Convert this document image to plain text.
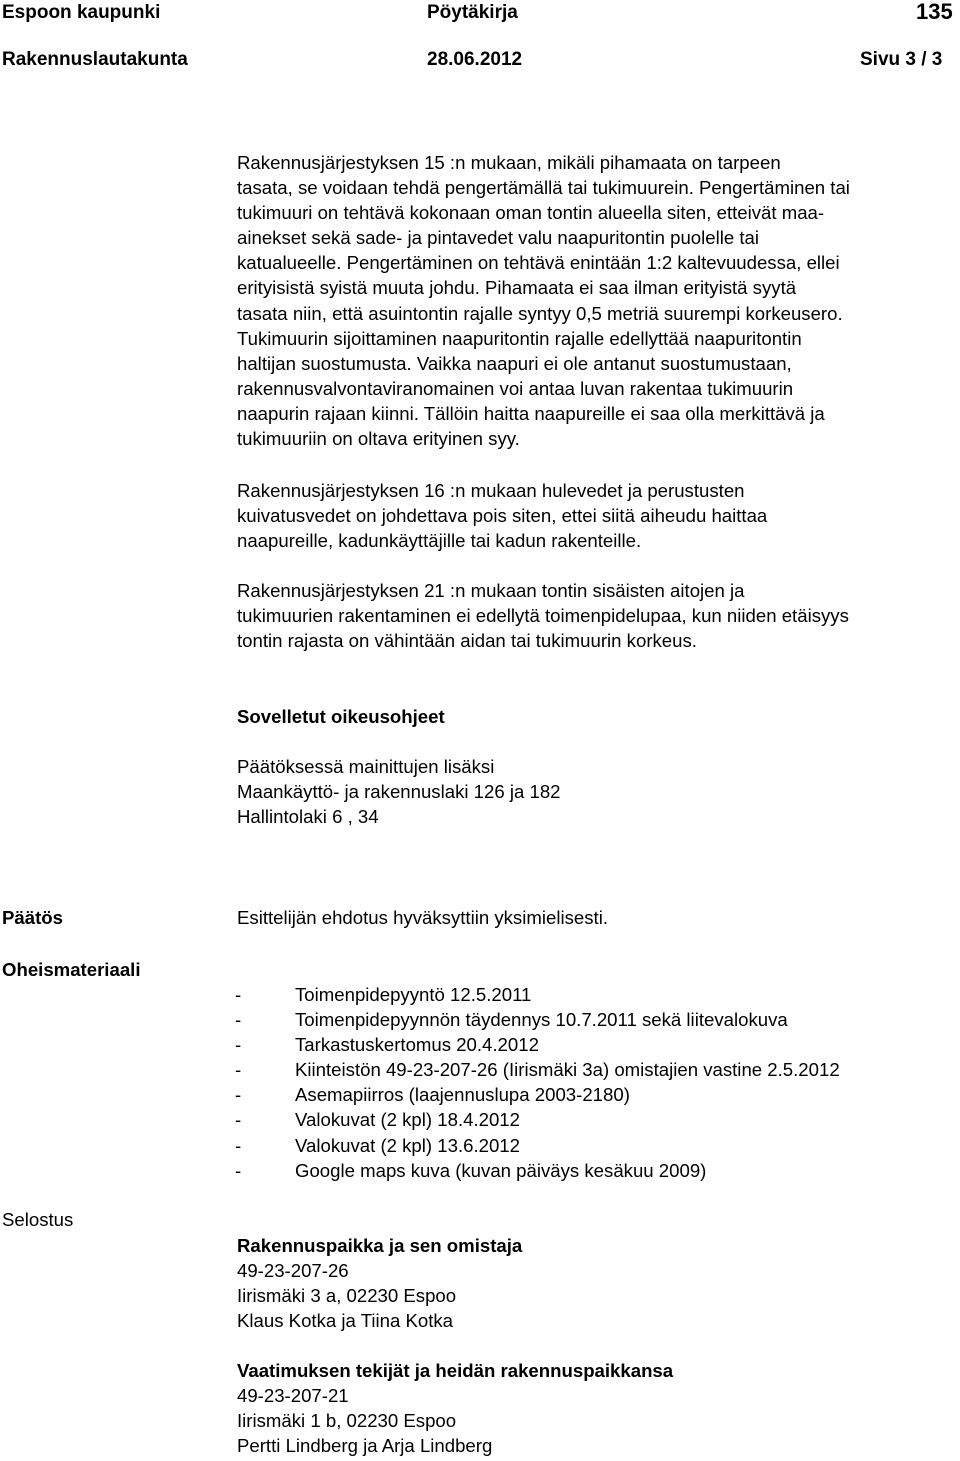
Espoon kaupunki	Pöytäkirja	135
Rakennuslautakunta	28.06.2012	Sivu 3 / 3
Rakennusjärjestyksen 15 :n mukaan, mikäli pihamaata on tarpeen
tasata, se voidaan tehdä pengertämällä tai tukimuurein. Pengertäminen tai
tukimuuri on tehtävä kokonaan oman tontin alueella siten, etteivät maa-
ainekset sekä sade- ja pintavedet valu naapuritontin puolelle tai
katualueelle. Pengertäminen on tehtävä enintään 1:2 kaltevuudessa, ellei
erityisistä syistä muuta johdu. Pihamaata ei saa ilman erityistä syytä
tasata niin, että asuintontin rajalle syntyy 0,5 metriä suurempi korkeusero.
Tukimuurin sijoittaminen naapuritontin rajalle edellyttää naapuritontin
haltijan suostumusta. Vaikka naapuri ei ole antanut suostumustaan,
rakennusvalvontaviranomainen voi antaa luvan rakentaa tukimuurin
naapurin rajaan kiinni. Tällöin haitta naapureille ei saa olla merkittävä ja
tukimuuriin on oltava erityinen syy.
Rakennusjärjestyksen 16 :n mukaan hulevedet ja perustusten
kuivatusvedet on johdettava pois siten, ettei siitä aiheudu haittaa
naapureille, kadunkäyttäjille tai kadun rakenteille.
Rakennusjärjestyksen 21 :n mukaan tontin sisäisten aitojen ja
tukimuurien rakentaminen ei edellytä toimenpidelupaa, kun niiden etäisyys
tontin rajasta on vähintään aidan tai tukimuurin korkeus.
Sovelletut oikeusohjeet
Päätöksessä mainittujen lisäksi
Maankäyttö- ja rakennuslaki 126 ja 182
Hallintolaki 6 , 34
Päätös	Esittelijän ehdotus hyväksyttiin yksimielisesti.
Oheismateriaali
-	Toimenpidepyyntö 12.5.2011
-	Toimenpidepyynnön täydennys 10.7.2011 sekä liitevalokuva
-	Tarkastuskertomus 20.4.2012
-	Kiinteistön 49-23-207-26 (Iirismäki 3a) omistajien vastine 2.5.2012
-	Asemapiirros (laajennuslupa 2003-2180)
-	Valokuvat (2 kpl) 18.4.2012
-	Valokuvat (2 kpl) 13.6.2012
-	Google maps kuva (kuvan päiväys kesäkuu 2009)
Selostus
Rakennuspaikka ja sen omistaja
49-23-207-26
Iirismäki 3 a, 02230 Espoo
Klaus Kotka ja Tiina Kotka
Vaatimuksen tekijät ja heidän rakennuspaikkansa
49-23-207-21
Iirismäki 1 b, 02230 Espoo
Pertti Lindberg ja Arja Lindberg
